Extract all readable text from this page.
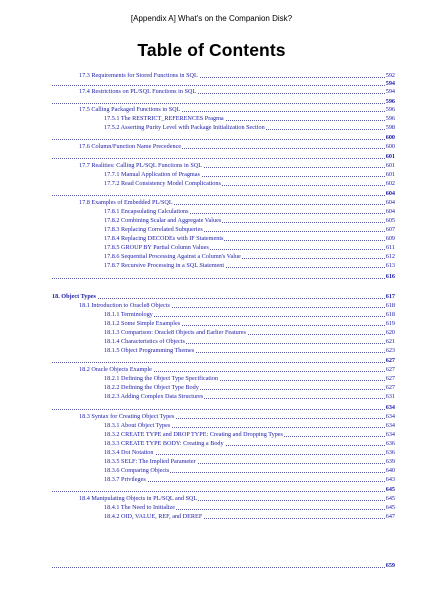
[Appendix A] What's on the Companion Disk?
Table of Contents
17.3 Requirements for Stored Functions in SQL	592
594
17.4 Restrictions on PL/SQL Functions in SQL	594
596
17.5 Calling Packaged Functions in SQL	596
17.5.1 The RESTRICT_REFERENCES Pragma	596
17.5.2 Asserting Purity Level with Package Initialization Section	598
600
17.6 Column/Function Name Precedence	600
601
17.7 Realities: Calling PL/SQL Functions in SQL	601
17.7.1 Manual Application of Pragmas	601
17.7.2 Read Consistency Model Complications	602
604
17.8 Examples of Embedded PL/SQL	604
17.8.1 Encapsulating Calculations	604
17.8.2 Combining Scalar and Aggregate Values	605
17.8.3 Replacing Correlated Subqueries	607
17.8.4 Replacing DECODEs with IF Statements	609
17.8.5 GROUP BY Partial Column Values	611
17.8.6 Sequential Processing Against a Column's Value	612
17.8.7 Recursive Processing in a SQL Statement	613
616
18. Object Types	617
18.1 Introduction to Oracle8 Objects	618
18.1.1 Terminology	618
18.1.2 Some Simple Examples	619
18.1.3 Comparison: Oracle8 Objects and Earlier Features	620
18.1.4 Characteristics of Objects	621
18.1.5 Object Programming Themes	623
627
18.2 Oracle Objects Example	627
18.2.1 Defining the Object Type Specification	627
18.2.2 Defining the Object Type Body	627
18.2.3 Adding Complex Data Structures	631
634
18.3 Syntax for Creating Object Types	634
18.3.1 About Object Types	634
18.3.2 CREATE TYPE and DROP TYPE: Creating and Dropping Types	634
18.3.3 CREATE TYPE BODY: Creating a Body	636
18.3.4 Dot Notation	636
18.3.5 SELF: The Implied Parameter	639
18.3.6 Comparing Objects	640
18.3.7 Privileges	643
645
18.4 Manipulating Objects in PL/SQL and SQL	645
18.4.1 The Need to Initialize	645
18.4.2 OID, VALUE, REF, and DEREF	647
659
